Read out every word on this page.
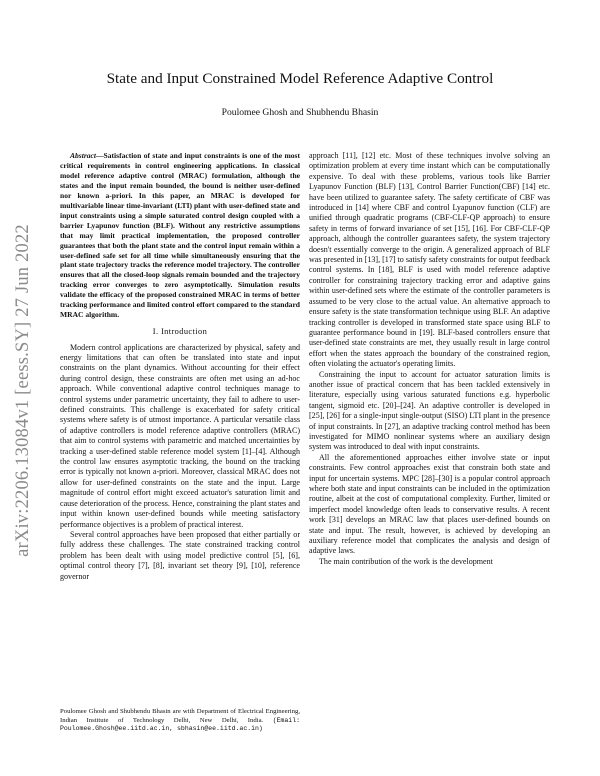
arXiv:2206.13084v1 [eess.SY] 27 Jun 2022
State and Input Constrained Model Reference Adaptive Control
Poulomee Ghosh and Shubhendu Bhasin

Abstract—Satisfaction of state and input constraints is one of the most critical requirements in control engineering applications. In classical model reference adaptive control (MRAC) formulation, although the states and the input remain bounded, the bound is neither user-defined nor known a-priori. In this paper, an MRAC is developed for multivariable linear time-invariant (LTI) plant with user-defined state and input constraints using a simple saturated control design coupled with a barrier Lyapunov function (BLF). Without any restrictive assumptions that may limit practical implementation, the proposed controller guarantees that both the plant state and the control input remain within a user-defined safe set for all time while simultaneously ensuring that the plant state trajectory tracks the reference model trajectory. The controller ensures that all the closed-loop signals remain bounded and the trajectory tracking error converges to zero asymptotically. Simulation results validate the efficacy of the proposed constrained MRAC in terms of better tracking performance and limited control effort compared to the standard MRAC algorithm.

I. Introduction

Modern control applications are characterized by physical, safety and energy limitations that can often be translated into state and input constraints on the plant dynamics. Without accounting for their effect during control design, these constraints are often met using an ad-hoc approach. While conventional adaptive control techniques manage to control systems under parametric uncertainty, they fail to adhere to user-defined constraints. This challenge is exacerbated for safety critical systems where safety is of utmost importance. A particular versatile class of adaptive controllers is model reference adaptive controllers (MRAC) that aim to control systems with parametric and matched uncertainties by tracking a user-defined stable reference model system [1]–[4]. Although the control law ensures asymptotic tracking, the bound on the tracking error is typically not known a-priori. Moreover, classical MRAC does not allow for user-defined constraints on the state and the input. Large magnitude of control effort might exceed actuator's saturation limit and cause deterioration of the process. Hence, constraining the plant states and input within known user-defined bounds while meeting satisfactory performance objectives is a problem of practical interest.

Several control approaches have been proposed that either partially or fully address these challenges. The state constrained tracking control problem has been dealt with using model predictive control [5], [6], optimal control theory [7], [8], invariant set theory [9], [10], reference governor

approach [11], [12] etc. Most of these techniques involve solving an optimization problem at every time instant which can be computationally expensive. To deal with these problems, various tools like Barrier Lyapunov Function (BLF) [13], Control Barrier Function(CBF) [14] etc. have been utilized to guarantee safety. The safety certificate of CBF was introduced in [14] where CBF and control Lyapunov function (CLF) are unified through quadratic programs (CBF-CLF-QP approach) to ensure safety in terms of forward invariance of set [15], [16]. For CBF-CLF-QP approach, although the controller guarantees safety, the system trajectory doesn't essentially converge to the origin. A generalized approach of BLF was presented in [13], [17] to satisfy safety constraints for output feedback control systems. In [18], BLF is used with model reference adaptive controller for constraining trajectory tracking error and adaptive gains within user-defined sets where the estimate of the controller parameters is assumed to be very close to the actual value. An alternative approach to ensure safety is the state transformation technique using BLF. An adaptive tracking controller is developed in transformed state space using BLF to guarantee performance bound in [19]. BLF-based controllers ensure that user-defined state constraints are met, they usually result in large control effort when the states approach the boundary of the constrained region, often violating the actuator's operating limits.

Constraining the input to account for actuator saturation limits is another issue of practical concern that has been tackled extensively in literature, especially using various saturated functions e.g. hyperbolic tangent, sigmoid etc. [20]–[24]. An adaptive controller is developed in [25], [26] for a single-input single-output (SISO) LTI plant in the presence of input constraints. In [27], an adaptive tracking control method has been investigated for MIMO nonlinear systems where an auxiliary design system was introduced to deal with input constraints.

All the aforementioned approaches either involve state or input constraints. Few control approaches exist that constrain both state and input for uncertain systems. MPC [28]–[30] is a popular control approach where both state and input constraints can be included in the optimization routine, albeit at the cost of computational complexity. Further, limited or imperfect model knowledge often leads to conservative results. A recent work [31] develops an MRAC law that places user-defined bounds on state and input. The result, however, is achieved by developing an auxiliary reference model that complicates the analysis and design of adaptive laws.

The main contribution of the work is the development

Poulomee Ghosh and Shubhendu Bhasin are with Department of Electrical Engineering, Indian Institute of Technology Delhi, New Delhi, India. (Email: Poulomee.Ghosh@ee.iitd.ac.in, sbhasin@ee.iitd.ac.in)
